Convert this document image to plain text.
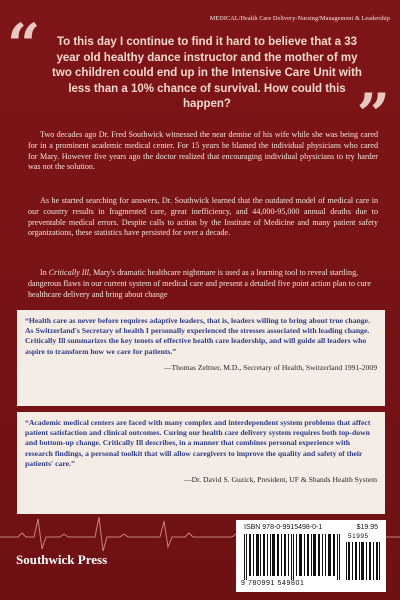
MEDICAL/Health Care Delivery-Nursing/Management & Leadership
“	To this day I continue to find it hard to believe that a 33 year old healthy dance instructor and the mother of my two children could end up in the Intensive Care Unit with less than a 10% chance of survival. How could this happen?	”

Two decades ago Dr. Fred Southwick witnessed the near demise of his wife while she was being cared for in a prominent academic medical center. For 15 years he blamed the individual physicians who cared for Mary. However five years ago the doctor realized that encouraging individual physicians to try harder was not the solution.

As he started searching for answers, Dr. Southwick learned that the outdated model of medical care in our country results in fragmented care, great inefficiency, and 44,000-95,000 annual deaths due to preventable medical errors. Despite calls to action by the Institute of Medicine and many patient safety organizations, these statistics have persisted for over a decade.

In Critically Ill, Mary's dramatic healthcare nightmare is used as a learning tool to reveal startling, dangerous flaws in our current system of medical care and present a detailed five point action plan to cure healthcare delivery and bring about change

“Health care as never before requires adaptive leaders, that is, leaders willing to bring about true change. As Switzerland's Secretary of health I personally experienced the stresses associated with leading change. Critically Ill summarizes the key tenets of effective health care leadership, and will guide all leaders who aspire to transform how we care for patients.”

—Thomas Zeltner, M.D., Secretary of Health, Switzerland 1991-2009

“Academic medical centers are faced with many complex and interdependent system problems that affect patient satisfaction and clinical outcomes. Curing our health care delivery system requires both top-down and bottom-up change. Critically Ill describes, in a manner that combines personal experience with research findings, a personal toolkit that will allow caregivers to improve the quality and safety of their patients' care.”

—Dr. David S. Guzick, President, UF & Shands Health System
Southwick Press
ISBN 978-0-9915498-0-1	$19.95
51995
9 780991 549801
